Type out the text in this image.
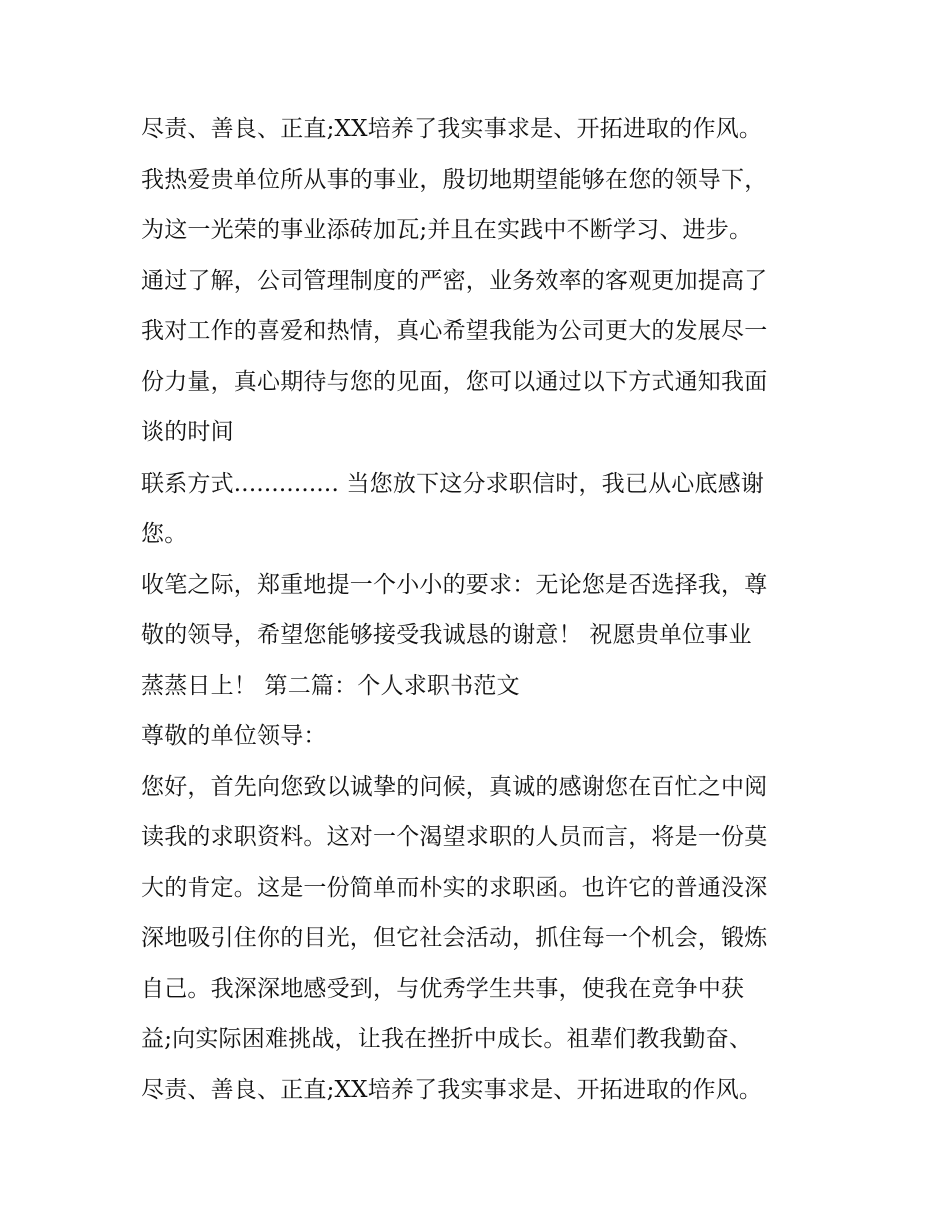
尽责、善良、正直;XX培养了我实事求是、开拓进取的作风。
我热爱贵单位所从事的事业，殷切地期望能够在您的领导下，
为这一光荣的事业添砖加瓦;并且在实践中不断学习、进步。
通过了解，公司管理制度的严密，业务效率的客观更加提高了
我对工作的喜爱和热情，真心希望我能为公司更大的发展尽一
份力量，真心期待与您的见面，您可以通过以下方式通知我面
谈的时间
联系方式.............. 当您放下这分求职信时，我已从心底感谢
您。
收笔之际，郑重地提一个小小的要求：无论您是否选择我，尊
敬的领导，希望您能够接受我诚恳的谢意！ 祝愿贵单位事业
蒸蒸日上！ 第二篇：个人求职书范文
尊敬的单位领导：
您好，首先向您致以诚挚的问候，真诚的感谢您在百忙之中阅
读我的求职资料。这对一个渴望求职的人员而言，将是一份莫
大的肯定。这是一份简单而朴实的求职函。也许它的普通没深
深地吸引住你的目光，但它社会活动，抓住每一个机会，锻炼
自己。我深深地感受到，与优秀学生共事，使我在竞争中获
益;向实际困难挑战，让我在挫折中成长。祖辈们教我勤奋、
尽责、善良、正直;XX培养了我实事求是、开拓进取的作风。
